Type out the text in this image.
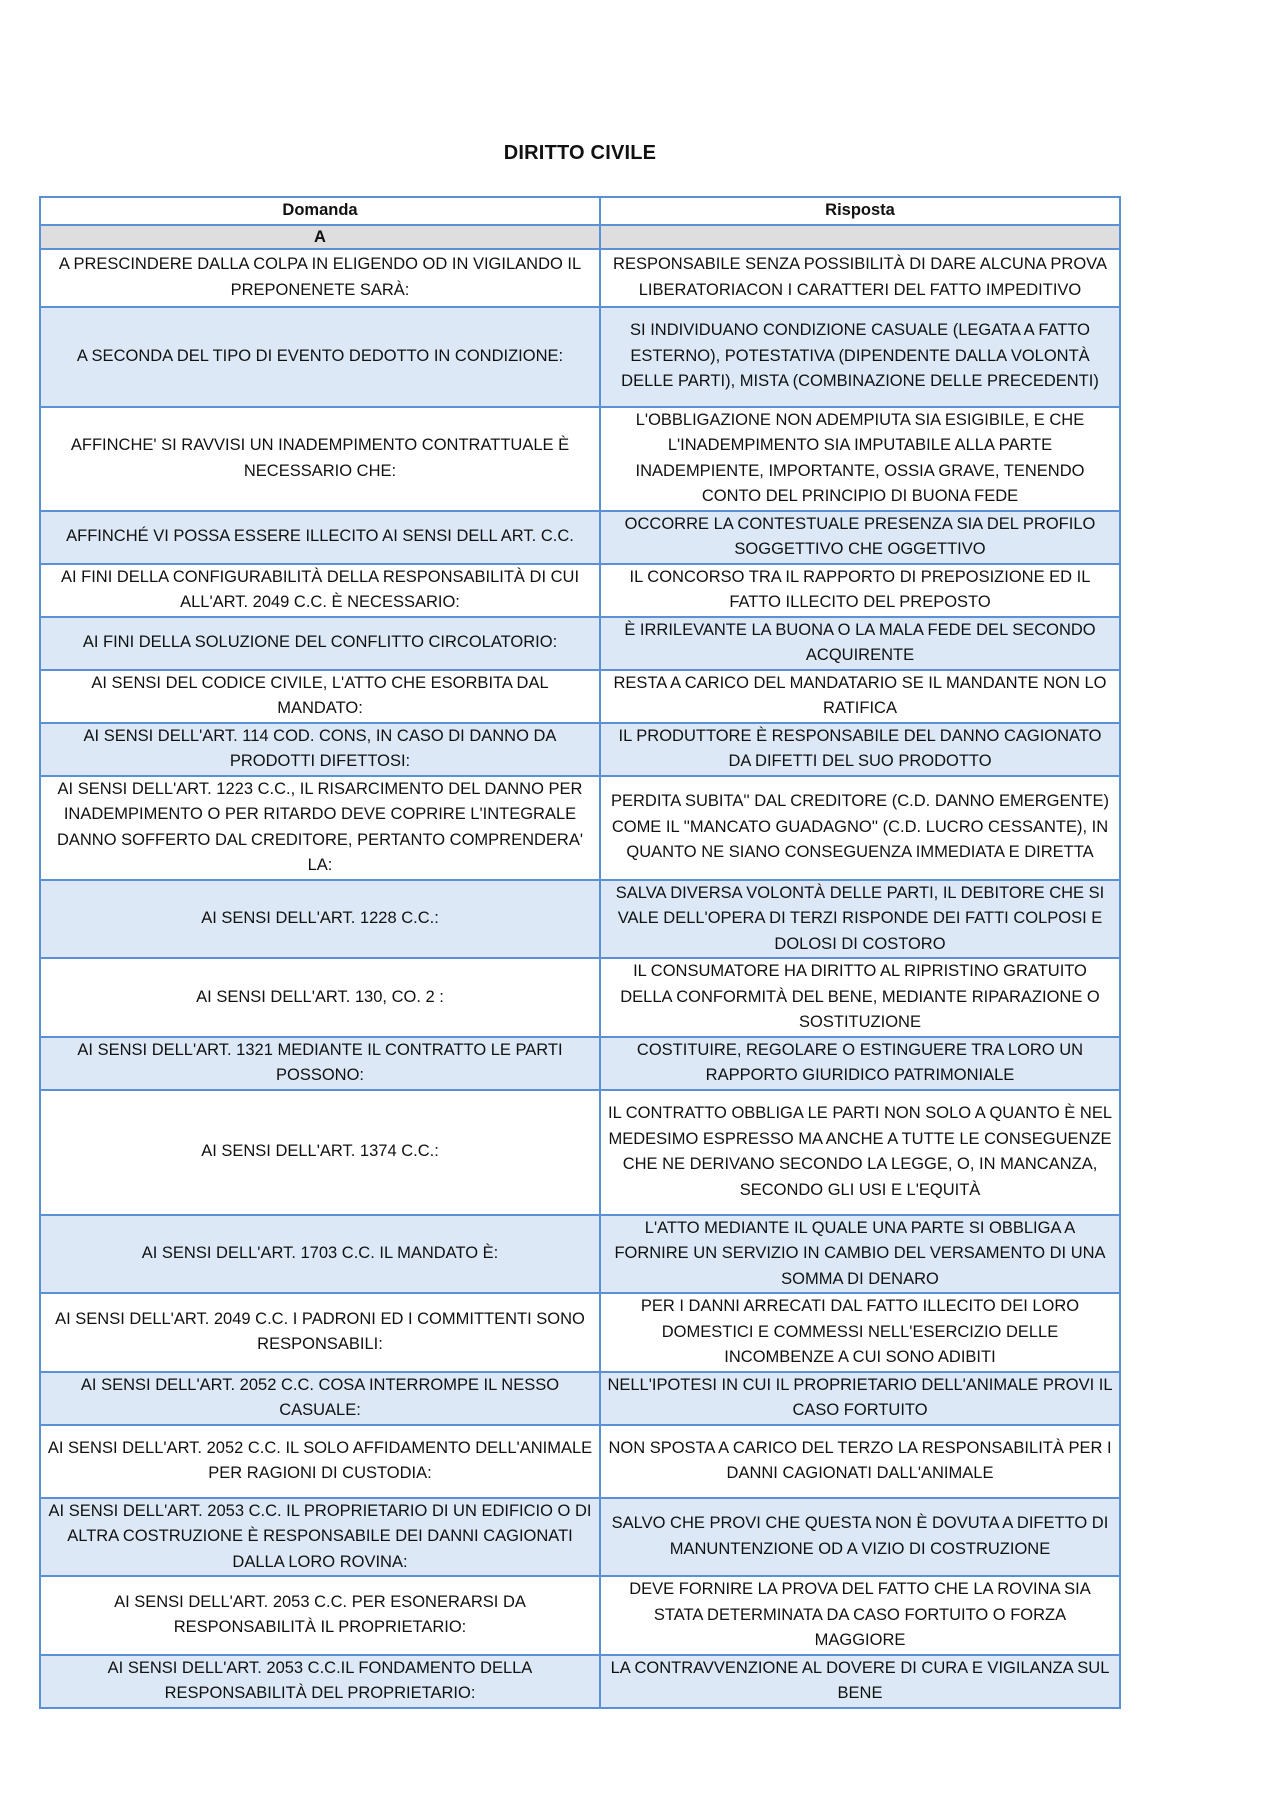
DIRITTO CIVILE
Domanda	Risposta
A	
A PRESCINDERE DALLA COLPA IN ELIGENDO OD IN VIGILANDO IL PREPONENETE SARÀ:	RESPONSABILE SENZA POSSIBILITÀ DI DARE ALCUNA PROVA LIBERATORIACON I CARATTERI DEL FATTO IMPEDITIVO
A SECONDA DEL TIPO DI EVENTO DEDOTTO IN CONDIZIONE:	SI INDIVIDUANO CONDIZIONE CASUALE (LEGATA A FATTO ESTERNO), POTESTATIVA (DIPENDENTE DALLA VOLONTÀ DELLE PARTI), MISTA (COMBINAZIONE DELLE PRECEDENTI)
AFFINCHE' SI RAVVISI UN INADEMPIMENTO CONTRATTUALE È NECESSARIO CHE:	L'OBBLIGAZIONE NON ADEMPIUTA SIA ESIGIBILE, E CHE L'INADEMPIMENTO SIA IMPUTABILE ALLA PARTE INADEMPIENTE, IMPORTANTE, OSSIA GRAVE, TENENDO CONTO DEL PRINCIPIO DI BUONA FEDE
AFFINCHÉ VI POSSA ESSERE ILLECITO AI SENSI DELL ART. C.C.	OCCORRE LA CONTESTUALE PRESENZA SIA DEL PROFILO SOGGETTIVO CHE OGGETTIVO
AI FINI DELLA CONFIGURABILITÀ DELLA RESPONSABILITÀ DI CUI ALL'ART. 2049 C.C. È NECESSARIO:	IL CONCORSO TRA IL RAPPORTO DI PREPOSIZIONE ED IL FATTO ILLECITO DEL PREPOSTO
AI FINI DELLA SOLUZIONE DEL CONFLITTO CIRCOLATORIO:	È IRRILEVANTE LA BUONA O LA MALA FEDE DEL SECONDO ACQUIRENTE
AI SENSI DEL CODICE CIVILE, L'ATTO CHE ESORBITA DAL MANDATO:	RESTA A CARICO DEL MANDATARIO SE IL MANDANTE NON LO RATIFICA
AI SENSI DELL'ART. 114 COD. CONS, IN CASO DI DANNO DA PRODOTTI DIFETTOSI:	IL PRODUTTORE È RESPONSABILE DEL DANNO CAGIONATO DA DIFETTI DEL SUO PRODOTTO
AI SENSI DELL'ART. 1223 C.C., IL RISARCIMENTO DEL DANNO PER INADEMPIMENTO O PER RITARDO DEVE COPRIRE L'INTEGRALE DANNO SOFFERTO DAL CREDITORE, PERTANTO COMPRENDERA' LA:	PERDITA SUBITA'' DAL CREDITORE (C.D. DANNO EMERGENTE) COME IL ''MANCATO GUADAGNO'' (C.D. LUCRO CESSANTE), IN QUANTO NE SIANO CONSEGUENZA IMMEDIATA E DIRETTA
AI SENSI DELL'ART. 1228 C.C.:	SALVA DIVERSA VOLONTÀ DELLE PARTI, IL DEBITORE CHE SI VALE DELL'OPERA DI TERZI RISPONDE DEI FATTI COLPOSI E DOLOSI DI COSTORO
AI SENSI DELL'ART. 130, CO. 2 :	IL CONSUMATORE HA DIRITTO AL RIPRISTINO GRATUITO DELLA CONFORMITÀ DEL BENE, MEDIANTE RIPARAZIONE O SOSTITUZIONE
AI SENSI DELL'ART. 1321 MEDIANTE IL CONTRATTO LE PARTI POSSONO:	COSTITUIRE, REGOLARE O ESTINGUERE TRA LORO UN RAPPORTO GIURIDICO PATRIMONIALE
AI SENSI DELL'ART. 1374 C.C.:	IL CONTRATTO OBBLIGA LE PARTI NON SOLO A QUANTO È NEL MEDESIMO ESPRESSO MA ANCHE A TUTTE LE CONSEGUENZE CHE NE DERIVANO SECONDO LA LEGGE, O, IN MANCANZA, SECONDO GLI USI E L'EQUITÀ
AI SENSI DELL'ART. 1703 C.C. IL MANDATO È:	L'ATTO MEDIANTE IL QUALE UNA PARTE SI OBBLIGA A FORNIRE UN SERVIZIO IN CAMBIO DEL VERSAMENTO DI UNA SOMMA DI DENARO
AI SENSI DELL'ART. 2049 C.C. I PADRONI ED I COMMITTENTI SONO RESPONSABILI:	PER I DANNI ARRECATI DAL FATTO ILLECITO DEI LORO DOMESTICI E COMMESSI NELL'ESERCIZIO DELLE INCOMBENZE A CUI SONO ADIBITI
AI SENSI DELL'ART. 2052 C.C. COSA INTERROMPE IL NESSO CASUALE:	NELL'IPOTESI IN CUI IL PROPRIETARIO DELL'ANIMALE PROVI IL CASO FORTUITO
AI SENSI DELL'ART. 2052 C.C. IL SOLO AFFIDAMENTO DELL'ANIMALE PER RAGIONI DI CUSTODIA:	NON SPOSTA A CARICO DEL TERZO LA RESPONSABILITÀ PER I DANNI CAGIONATI DALL'ANIMALE
AI SENSI DELL'ART. 2053 C.C. IL PROPRIETARIO DI UN EDIFICIO O DI ALTRA COSTRUZIONE È RESPONSABILE DEI DANNI CAGIONATI DALLA LORO ROVINA:	SALVO CHE PROVI CHE QUESTA NON È DOVUTA A DIFETTO DI MANUNTENZIONE OD A VIZIO DI COSTRUZIONE
AI SENSI DELL'ART. 2053 C.C. PER ESONERARSI DA RESPONSABILITÀ IL PROPRIETARIO:	DEVE FORNIRE LA PROVA DEL FATTO CHE LA ROVINA SIA STATA DETERMINATA DA CASO FORTUITO O FORZA MAGGIORE
AI SENSI DELL'ART. 2053 C.C.IL FONDAMENTO DELLA RESPONSABILITÀ DEL PROPRIETARIO:	LA CONTRAVVENZIONE AL DOVERE DI CURA E VIGILANZA SUL BENE
